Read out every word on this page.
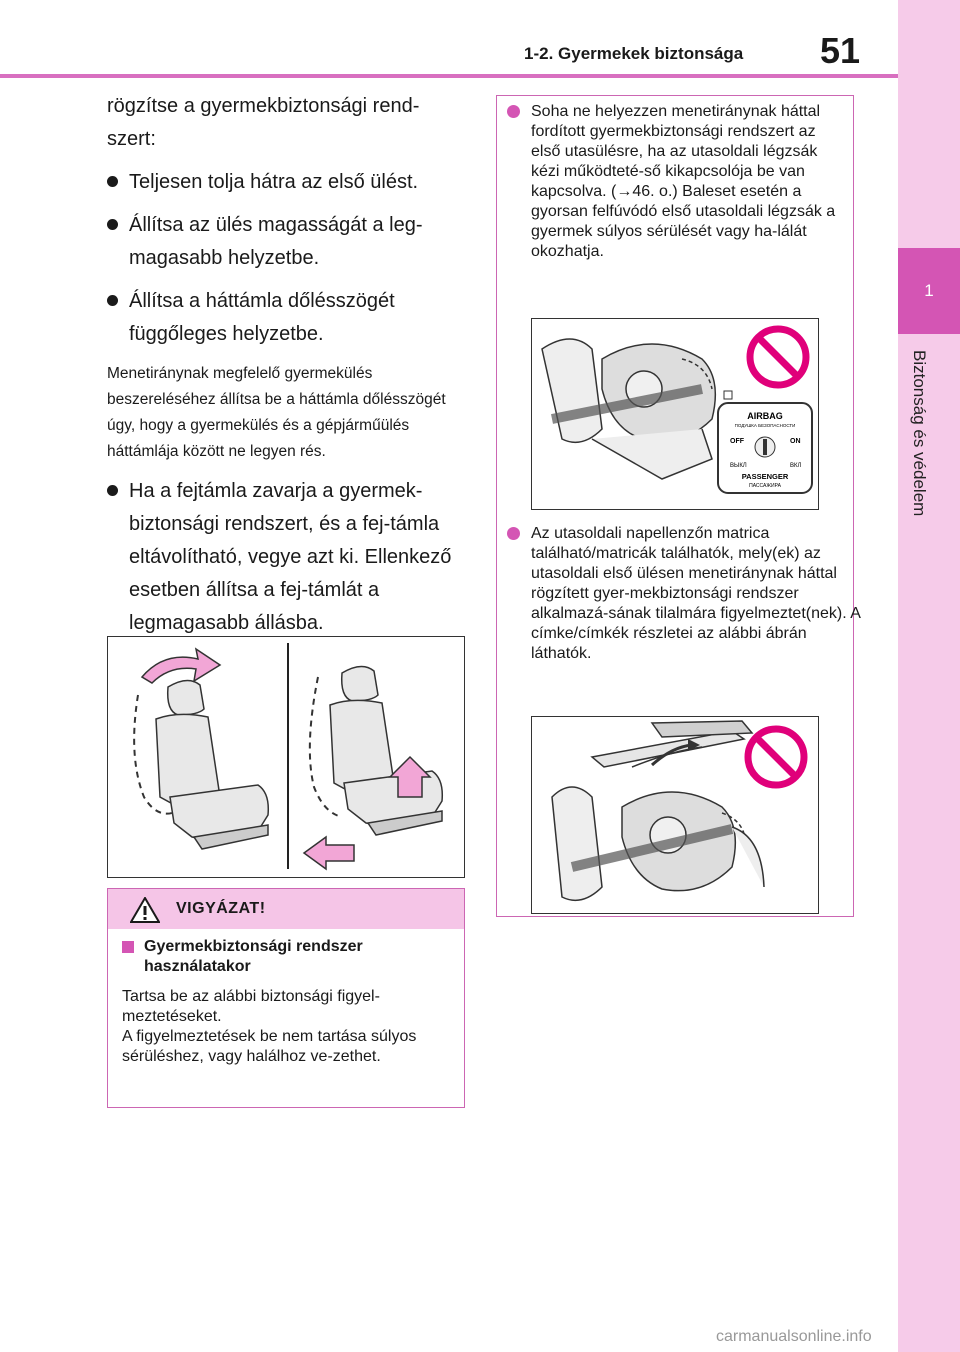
1
Biztonság és védelem
1-2. Gyermekek biztonsága 51

rögzítse a gyermekbiztonsági rend-szert:

Teljesen tolja hátra az első ülést.

Állítsa az ülés magasságát a leg-magasabb helyzetbe.

Állítsa a háttámla dőlésszögét függőleges helyzetbe.

Menetiránynak megfelelő gyermekülés beszereléséhez állítsa be a háttámla dőlésszögét úgy, hogy a gyermekülés és a gépjárműülés háttámlája között ne legyen rés.

Ha a fejtámla zavarja a gyermek-biztonsági rendszert, és a fej-támla eltávolítható, vegye azt ki. Ellenkező esetben állítsa a fej-támlát a legmagasabb állásba.

VIGYÁZAT!
Gyermekbiztonsági rendszer használatakor
Tartsa be az alábbi biztonsági figyel-meztetéseket.
A figyelmeztetések be nem tartása súlyos sérüléshez, vagy halálhoz ve-zethet.
Soha ne helyezzen menetiránynak háttal fordított gyermekbiztonsági rendszert az első utasülésre, ha az utasoldali légzsák kézi működteté-ső kikapcsolója be van kapcsolva. (→46. o.) Baleset esetén a gyorsan felfúvódó első utasoldali légzsák a gyermek súlyos sérülését vagy ha-lálát okozhatja.
AIRBAG
ПОДУШКА БЕЗОПАСНОСТИ
OFF	ON
ВЫКЛ	ВКЛ
PASSENGER
ПАССАЖИРА
Az utasoldali napellenzőn matrica található/matricák találhatók, mely(ek) az utasoldali első ülésen menetiránynak háttal rögzített gyer-mekbiztonsági rendszer alkalmazá-sának tilalmára figyelmeztet(nek). A címke/címkék részletei az alábbi ábrán láthatók.
carmanualsonline.info
